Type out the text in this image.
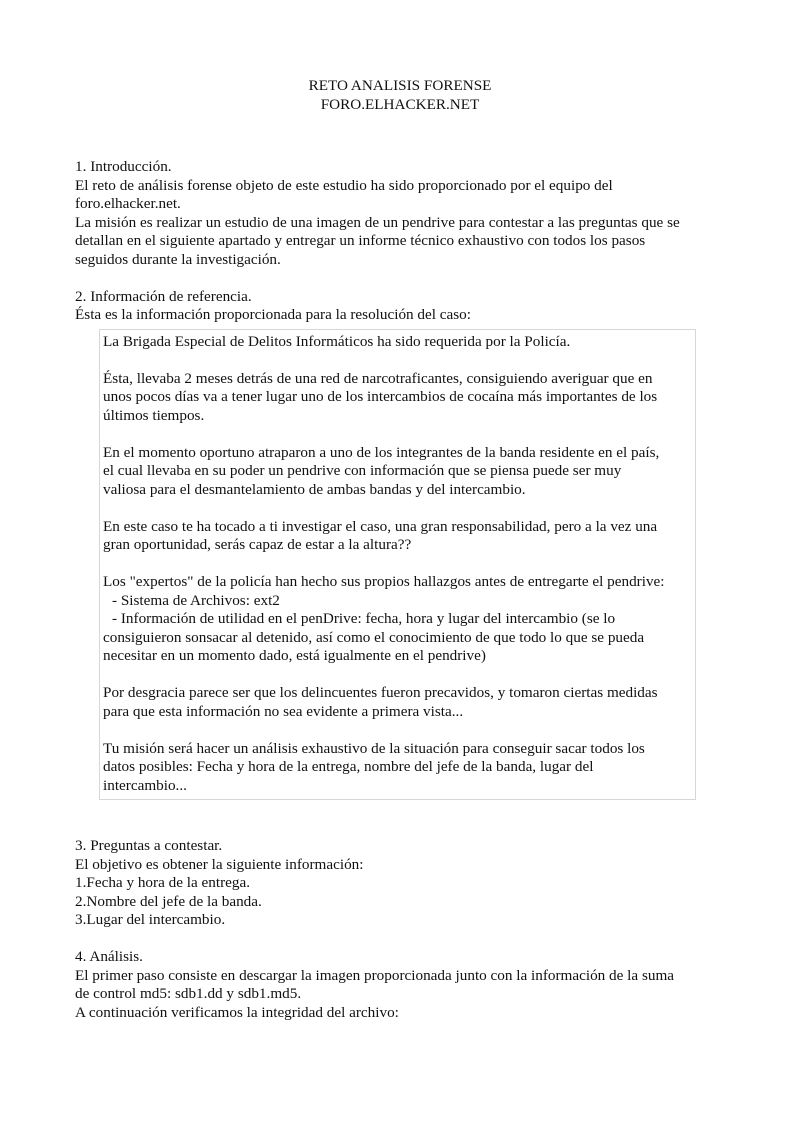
RETO ANALISIS FORENSE
FORO.ELHACKER.NET

1. Introducción.

El reto de análisis forense objeto de este estudio ha sido proporcionado por el equipo del

foro.elhacker.net.

La misión es realizar un estudio de una imagen de un pendrive para contestar a las preguntas que se

detallan en el siguiente apartado y entregar un informe técnico exhaustivo con todos los pasos

seguidos durante la investigación.

2. Información de referencia.

Ésta es la información proporcionada para la resolución del caso:

La Brigada Especial de Delitos Informáticos ha sido requerida por la Policía.

Ésta, llevaba 2 meses detrás de una red de narcotraficantes, consiguiendo averiguar que en

unos pocos días va a tener lugar uno de los intercambios de cocaína más importantes de los

últimos tiempos.

En el momento oportuno atraparon a uno de los integrantes de la banda residente en el país,

el cual llevaba en su poder un pendrive con información que se piensa puede ser muy

valiosa para el desmantelamiento de ambas bandas y del intercambio.

En este caso te ha tocado a ti investigar el caso, una gran responsabilidad, pero a la vez una

gran oportunidad, serás capaz de estar a la altura??

Los "expertos" de la policía han hecho sus propios hallazgos antes de entregarte el pendrive:

- Sistema de Archivos: ext2

- Información de utilidad en el penDrive: fecha, hora y lugar del intercambio (se lo

consiguieron sonsacar al detenido, así como el conocimiento de que todo lo que se pueda

necesitar en un momento dado, está igualmente en el pendrive)

Por desgracia parece ser que los delincuentes fueron precavidos, y tomaron ciertas medidas

para que esta información no sea evidente a primera vista...

Tu misión será hacer un análisis exhaustivo de la situación para conseguir sacar todos los

datos posibles: Fecha y hora de la entrega, nombre del jefe de la banda, lugar del

intercambio...

3. Preguntas a contestar.

El objetivo es obtener la siguiente información:

1.Fecha y hora de la entrega.

2.Nombre del jefe de la banda.

3.Lugar del intercambio.

4. Análisis.

El primer paso consiste en descargar la imagen proporcionada junto con la información de la suma

de control md5: sdb1.dd y sdb1.md5.

A continuación verificamos la integridad del archivo:
